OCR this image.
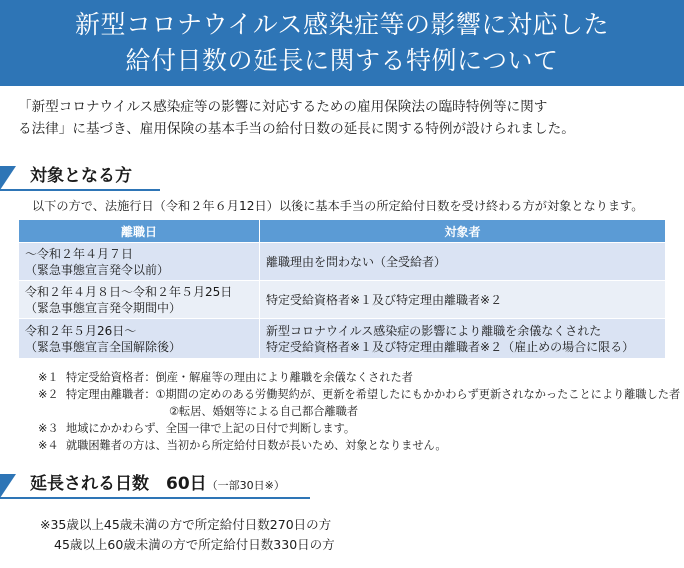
新型コロナウイルス感染症等の影響に対応した
給付日数の延長に関する特例について
「新型コロナウイルス感染症等の影響に対応するための雇用保険法の臨時特例等に関す
る法律」に基づき、雇用保険の基本手当の給付日数の延長に関する特例が設けられました。
対象となる方
以下の方で、法施行日（令和２年６月12日）以後に基本手当の所定給付日数を受け終わる方が対象となります。
離職日	対象者

～令和２年４月７日
（緊急事態宣言発令以前）	離職理由を問わない（全受給者）

令和２年４月８日～令和２年５月25日
（緊急事態宣言発令期間中）	特定受給資格者※１及び特定理由離職者※２

令和２年５月26日～
（緊急事態宣言全国解除後）	新型コロナウイルス感染症の影響により離職を余儀なくされた
特定受給資格者※１及び特定理由離職者※２（雇止めの場合に限る）
※１ 特定受給資格者：倒産・解雇等の理由により離職を余儀なくされた者
※２ 特定理由離職者：①期間の定めのある労働契約が、更新を希望したにもかかわらず更新されなかったことにより離職した者
②転居、婚姻等による自己都合離職者
※３ 地域にかかわらず、全国一律で上記の日付で判断します。
※４ 就職困難者の方は、当初から所定給付日数が長いため、対象となりません。
延長される日数　60日（一部30日※）
※35歳以上45歳未満の方で所定給付日数270日の方
45歳以上60歳未満の方で所定給付日数330日の方
